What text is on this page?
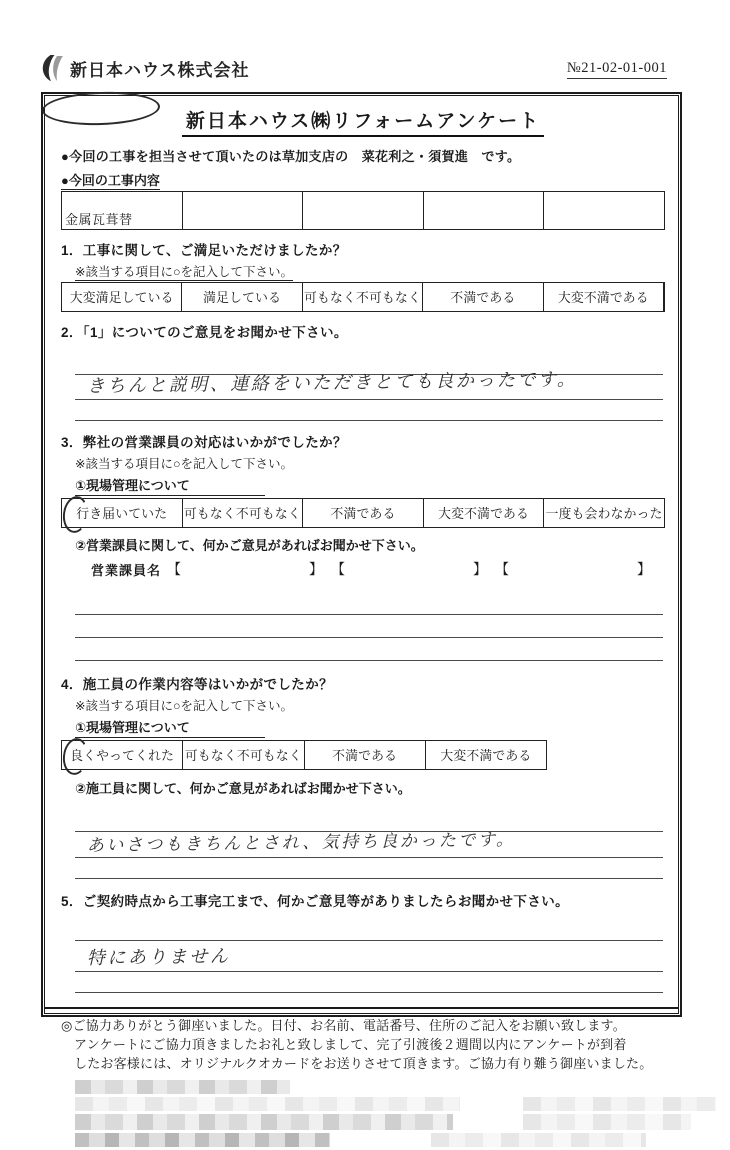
新日本ハウス株式会社	№21-02-01-001
新日本ハウス㈱リフォームアンケート
●今回の工事を担当させて頂いたのは草加支店の　菜花利之・須賀進　です。
●今回の工事内容
金属瓦葺替
1．工事に関して、ご満足いただけましたか？
※該当する項目に○を記入して下さい。
大変満足している	満足している	可もなく不可もなく	不満である	大変不満である
2．「1」についてのご意見をお聞かせ下さい。
きちんと説明、連絡をいただきとても良かったです。
3．弊社の営業課員の対応はいかがでしたか？
※該当する項目に○を記入して下さい。
①現場管理について
行き届いていた	可もなく不可もなく	不満である	大変不満である	一度も会わなかった
②営業課員に関して、何かご意見があればお聞かせ下さい。
営業課員名 【	】 【	】 【	】
4．施工員の作業内容等はいかがでしたか？
※該当する項目に○を記入して下さい。
①現場管理について
良くやってくれた 可もなく不可もなく	不満である	大変不満である
②施工員に関して、何かご意見があればお聞かせ下さい。
あいさつもきちんとされ、気持ち良かったです。
5．ご契約時点から工事完工まで、何かご意見等がありましたらお聞かせ下さい。
特にありません
◎ご協力ありがとう御座いました。日付、お名前、電話番号、住所のご記入をお願い致します。
アンケートにご協力頂きましたお礼と致しまして、完了引渡後２週間以内にアンケートが到着
したお客様には、オリジナルクオカードをお送りさせて頂きます。ご協力有り難う御座いました。
